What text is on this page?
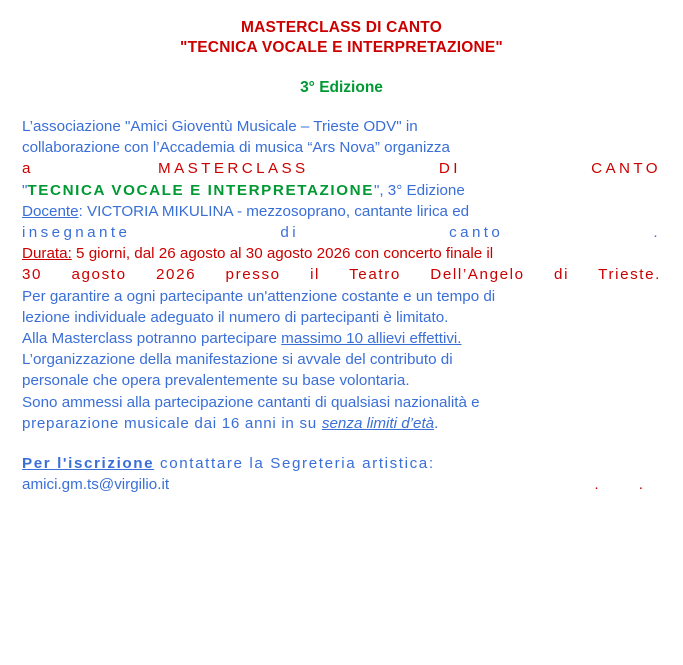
MASTERCLASS DI CANTO
"TECNICA VOCALE E INTERPRETAZIONE"
3° Edizione

L’associazione "Amici Gioventù Musicale – Trieste ODV" in

collaborazione con l’Accademia di musica “Ars Nova” organizza

a	MASTERCLASS DI CANTO

"TECNICA VOCALE E INTERPRETAZIONE", 3° Edizione

Docente: VICTORIA MIKULINA - mezzosoprano, cantante lirica ed

insegnante di canto .

Durata: 5 giorni, dal 26 agosto al 30 agosto 2026 con concerto finale il

30 agosto 2026 presso il Teatro Dell’Angelo di Trieste.

Per garantire a ogni partecipante un'attenzione costante e un tempo di

lezione individuale adeguato il numero di partecipanti è limitato.

Alla Masterclass potranno partecipare massimo 10 allievi effettivi.

L’organizzazione della manifestazione si avvale del contributo di

personale che opera prevalentemente su base volontaria.

Sono ammessi alla partecipazione cantanti di qualsiasi nazionalità e

preparazione musicale dai 16 anni in su senza limiti d’età.

Per l'iscrizione contattare la Segreteria artistica:

. .
amici.gm.ts@virgilio.it
